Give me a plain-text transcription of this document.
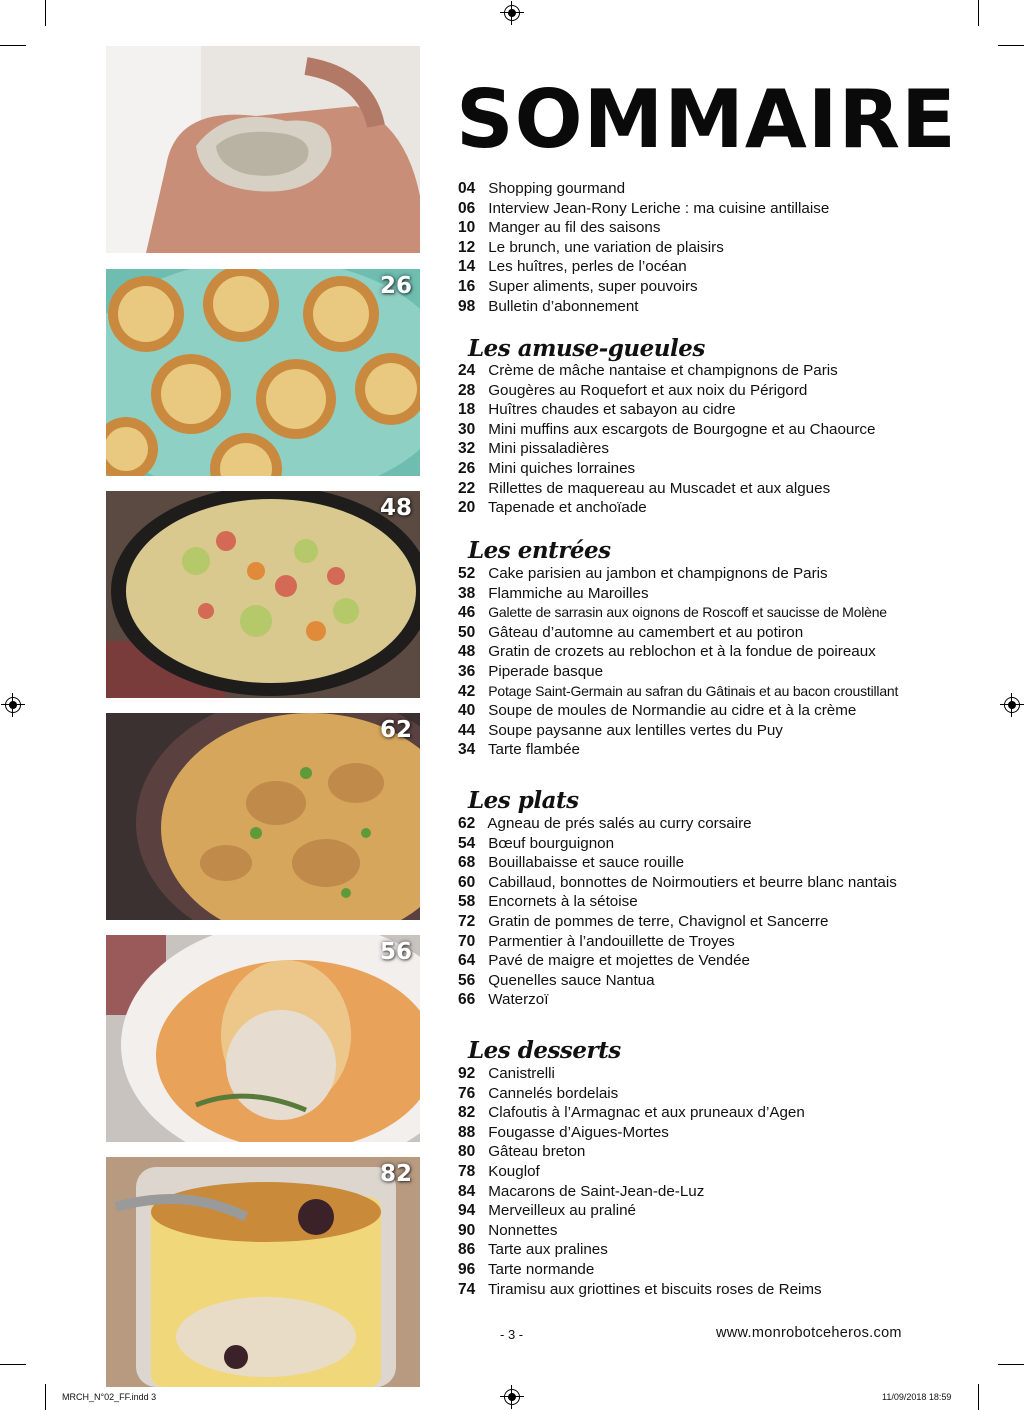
26
48
62
56
82
SOMMAIRE
04 Shopping gourmand
06 Interview Jean-Rony Leriche : ma cuisine antillaise
10 Manger au fil des saisons
12 Le brunch, une variation de plaisirs
14 Les huîtres, perles de l’océan
16 Super aliments, super pouvoirs
98 Bulletin d’abonnement
Les amuse-gueules
24 Crème de mâche nantaise et champignons de Paris
28 Gougères au Roquefort et aux noix du Périgord
18 Huîtres chaudes et sabayon au cidre
30 Mini muffins aux escargots de Bourgogne et au Chaource
32 Mini pissaladières
26 Mini quiches lorraines
22 Rillettes de maquereau au Muscadet et aux algues
20 Tapenade et anchoïade
Les entrées
52 Cake parisien au jambon et champignons de Paris
38 Flammiche au Maroilles
46 Galette de sarrasin aux oignons de Roscoff et saucisse de Molène
50 Gâteau d’automne au camembert et au potiron
48 Gratin de crozets au reblochon et à la fondue de poireaux
36 Piperade basque
42 Potage Saint-Germain au safran du Gâtinais et au bacon croustillant
40 Soupe de moules de Normandie au cidre et à la crème
44 Soupe paysanne aux lentilles vertes du Puy
34 Tarte flambée
Les plats
62 Agneau de prés salés au curry corsaire
54 Bœuf bourguignon
68 Bouillabaisse et sauce rouille
60 Cabillaud, bonnottes de Noirmoutiers et beurre blanc nantais
58 Encornets à la sétoise
72 Gratin de pommes de terre, Chavignol et Sancerre
70 Parmentier à l’andouillette de Troyes
64 Pavé de maigre et mojettes de Vendée
56 Quenelles sauce Nantua
66 Waterzoï
Les desserts
92 Canistrelli
76 Cannelés bordelais
82 Clafoutis à l’Armagnac et aux pruneaux d’Agen
88 Fougasse d’Aigues-Mortes
80 Gâteau breton
78 Kouglof
84 Macarons de Saint-Jean-de-Luz
94 Merveilleux au praliné
90 Nonnettes
86 Tarte aux pralines
96 Tarte normande
74 Tiramisu aux griottines et biscuits roses de Reims
- 3 -	www.monrobotceheros.com
MRCH_N°02_FF.indd 3	11/09/2018 18:59
